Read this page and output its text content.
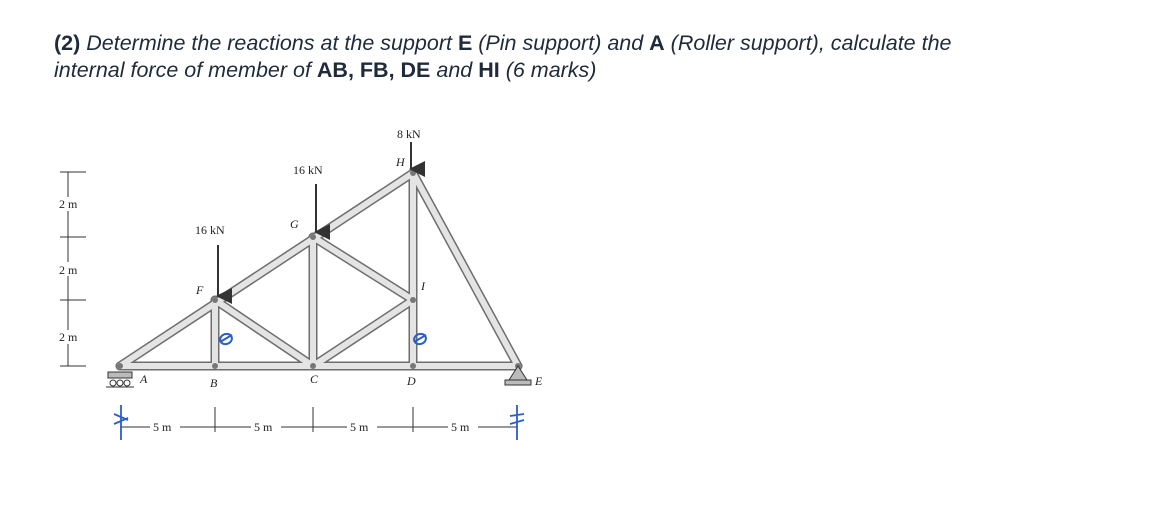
(2) Determine the reactions at the support E (Pin support) and A (Roller support), calculate the
internal force of member of AB, FB, DE and HI (6 marks)
16 kN
16 kN
8 kN
A	B	C	D	E
F
G
H
I
2 m
2 m
2 m
5 m	5 m	5 m	5 m
